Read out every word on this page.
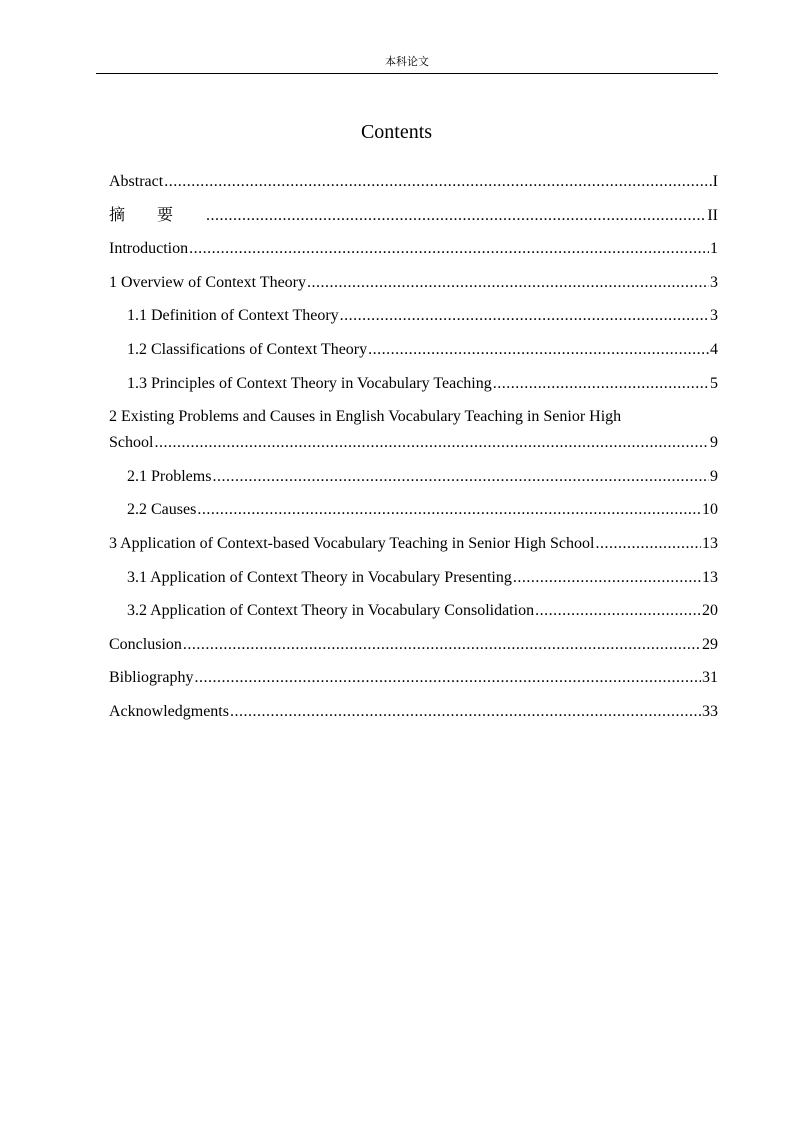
本科论文
Contents
Abstract .....	I
摘要 .....	II
Introduction .....	1
1 Overview of Context Theory .....	3
1.1 Definition of Context Theory .....	3
1.2 Classifications of Context Theory .....	4
1.3 Principles of Context Theory in Vocabulary Teaching .....	5
2 Existing Problems and Causes in English Vocabulary Teaching in Senior High
School .....	9
2.1 Problems .....	9
2.2 Causes .....	10
3 Application of Context-based Vocabulary Teaching in Senior High School .....	13
3.1 Application of Context Theory in Vocabulary Presenting .....	13
3.2 Application of Context Theory in Vocabulary Consolidation .....	20
Conclusion .....	29
Bibliography .....	31
Acknowledgments .....	33
